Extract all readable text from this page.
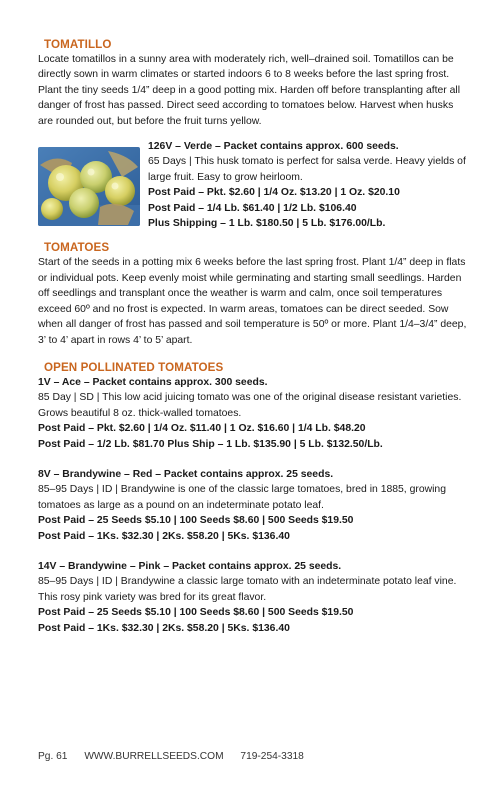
TOMATILLO

Locate tomatillos in a sunny area with moderately rich, well–drained soil. Tomatillos can be directly sown in warm climates or started indoors 6 to 8 weeks before the last spring frost. Plant the tiny seeds 1/4” deep in a good potting mix. Harden off before transplanting after all danger of frost has passed. Direct seed according to tomatoes below. Harvest when husks are rounded out, but before the fruit turns yellow.

126V – Verde – Packet contains approx. 600 seeds.
65 Days | This husk tomato is perfect for salsa verde. Heavy yields of large fruit. Easy to grow heirloom.
Post Paid – Pkt. $2.60 | 1/4 Oz. $13.20 | 1 Oz. $20.10
Post Paid – 1/4 Lb. $61.40 | 1/2 Lb. $106.40
Plus Shipping – 1 Lb. $180.50 | 5 Lb. $176.00/Lb.
TOMATOES

Start of the seeds in a potting mix 6 weeks before the last spring frost. Plant 1/4” deep in flats or individual pots. Keep evenly moist while germinating and starting small seedlings. Harden off seedlings and transplant once the weather is warm and calm, once soil temperatures exceed 60º and no frost is expected. In warm areas, tomatoes can be direct seeded. Sow when all danger of frost has passed and soil temperature is 50º or more. Plant 1/4–3/4” deep, 3’ to 4’ apart in rows 4’ to 5’ apart.

OPEN POLLINATED TOMATOES
1V – Ace – Packet contains approx. 300 seeds.
85 Day | SD | This low acid juicing tomato was one of the original disease resistant varieties. Grows beautiful 8 oz. thick-walled tomatoes.
Post Paid – Pkt. $2.60 | 1/4 Oz. $11.40 | 1 Oz. $16.60 | 1/4 Lb. $48.20
Post Paid – 1/2 Lb. $81.70 Plus Ship – 1 Lb. $135.90 | 5 Lb. $132.50/Lb.
8V – Brandywine – Red – Packet contains approx. 25 seeds.
85–95 Days | ID | Brandywine is one of the classic large tomatoes, bred in 1885, growing tomatoes as large as a pound on an indeterminate potato leaf.
Post Paid – 25 Seeds $5.10 | 100 Seeds $8.60 | 500 Seeds $19.50
Post Paid – 1Ks. $32.30 | 2Ks. $58.20 | 5Ks. $136.40
14V – Brandywine – Pink – Packet contains approx. 25 seeds.
85–95 Days | ID | Brandywine a classic large tomato with an indeterminate potato leaf vine. This rosy pink variety was bred for its great flavor.
Post Paid – 25 Seeds $5.10 | 100 Seeds $8.60 | 500 Seeds $19.50
Post Paid – 1Ks. $32.30 | 2Ks. $58.20 | 5Ks. $136.40
Pg. 61 WWW.BURRELLSEEDS.COM 719-254-3318
